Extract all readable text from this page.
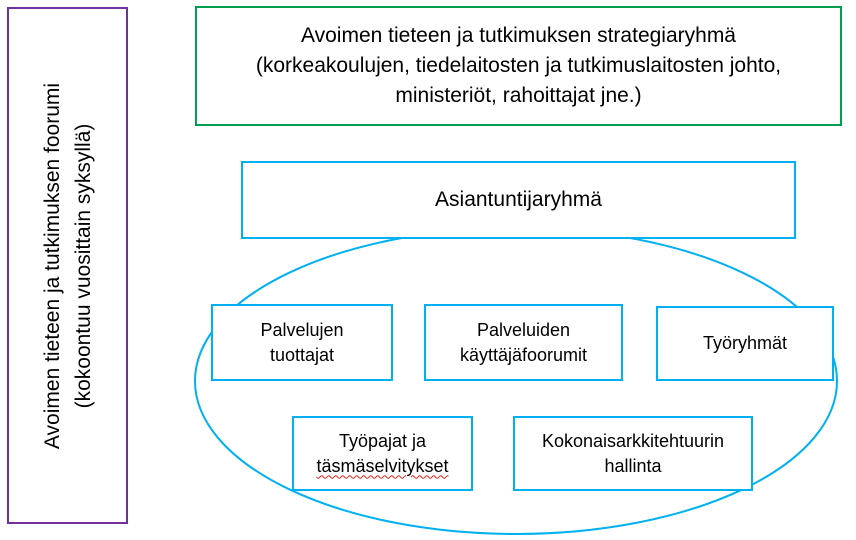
Avoimen tieteen ja tutkimuksen foorumi (kokoontuu vuosittain syksyllä)
Avoimen tieteen ja tutkimuksen strategiaryhmä
(korkeakoulujen, tiedelaitosten ja tutkimuslaitosten johto,
ministeriöt, rahoittajat jne.)
Asiantuntijaryhmä
Palvelujen
tuottajat
Palveluiden
käyttäjäfoorumit
Työryhmät
Työpajat ja
täsmäselvitykset
Kokonaisarkkitehtuurin
hallinta
